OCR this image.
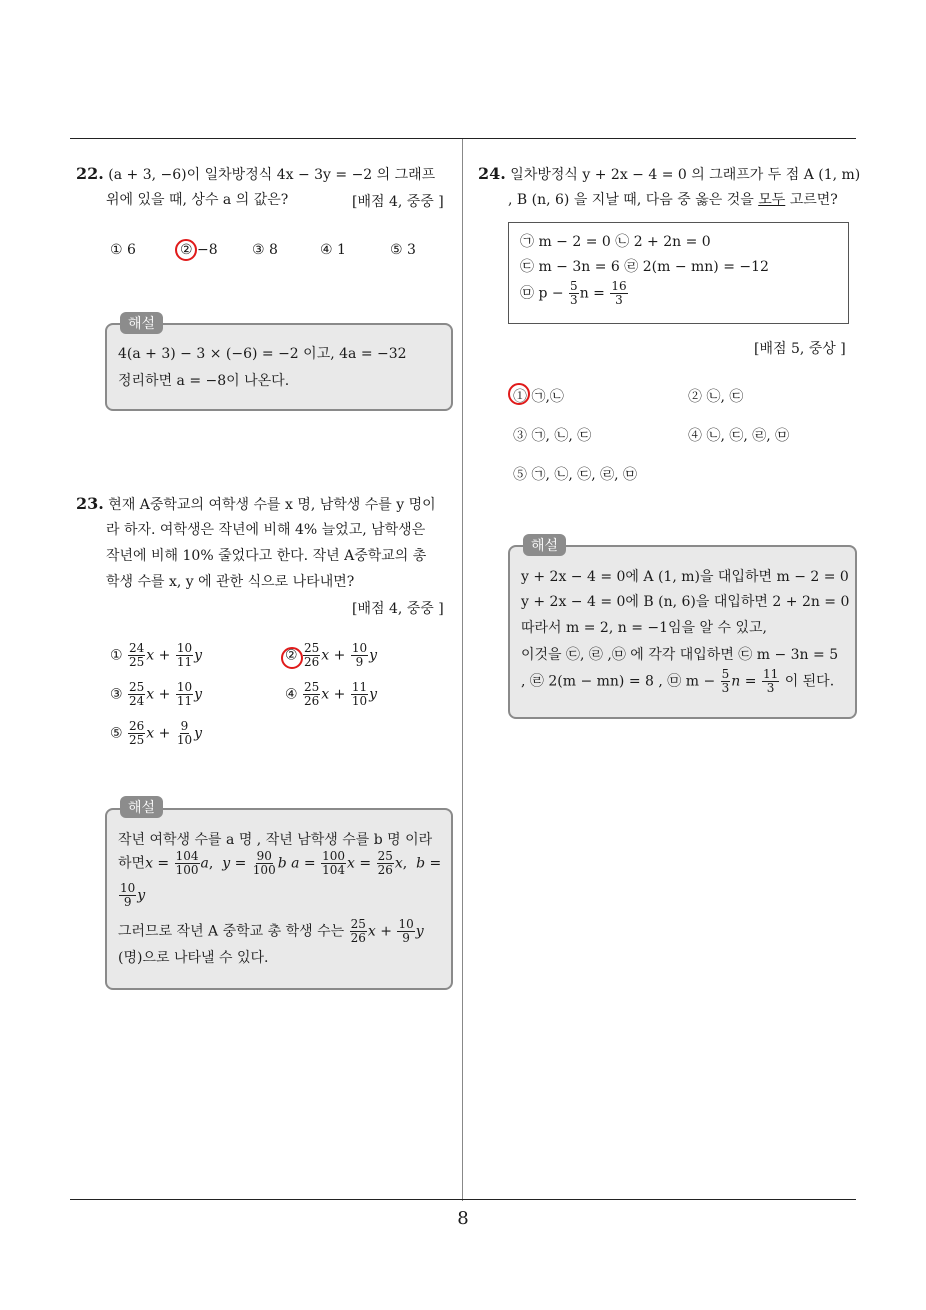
8
22. (a + 3, −6)이 일차방정식 4x − 3y = −2 의 그래프
위에 있을 때, 상수 a 의 값은?	[배점 4, 중중 ]
① 6	② −8 ③ 8	④ 1	⑤ 3
해설
4(a + 3) − 3 × (−6) = −2 이고, 4a = −32
정리하면 a = −8이 나온다.
23. 현재 A중학교의 여학생 수를 x 명, 남학생 수를 y 명이
라 하자. 여학생은 작년에 비해 4% 늘었고, 남학생은
작년에 비해 10% 줄었다고 한다. 작년 A중학교의 총
학생 수를 x, y 에 관한 식으로 나타내면?
[배점 4, 중중 ]
① $\frac{24}{25}$ $x + \frac{10}{11}$ y	② $\frac{25}{26}$ $x + \frac{10}{9}$ y
③ $\frac{25}{24}$ $x + \frac{10}{11}$ y	④ $\frac{25}{26}$ $x + \frac{11}{10}$ y
⑤ $\frac{26}{25}$ $x + \frac{9}{10}$ y
해설
작년 여학생 수를 a 명 , 작년 남학생 수를 b 명 이라
하면$x = \frac{104}{100} a$,  $y = \frac{90}{100}$ b $a = \frac{100}{104}$ $x = \frac{25}{26} x$,  b =
$\frac{10}{9}$ y
그러므로 작년 A 중학교 총 학생 수는 $\frac{25}{26}$ $x + \frac{10}{9}$ y
(명)으로 나타낼 수 있다.
24. 일차방정식 y + 2x − 4 = 0 의 그래프가 두 점 A (1, m)
, B (n, 6) 을 지날 때, 다음 중 옳은 것을 모두 고르면?
㉠ m − 2 = 0 ㉡ 2 + 2n = 0
㉢ m − 3n = 6 ㉣ 2(m − mn) = −12
㉤ $p - \frac{5}{3}$ $n = \frac{16}{3}$
[배점 5, 중상 ]
① ㉠,㉡	② ㉡, ㉢
③ ㉠, ㉡, ㉢	④ ㉡, ㉢, ㉣, ㉤
⑤ ㉠, ㉡, ㉢, ㉣, ㉤
해설
y + 2x − 4 = 0에 A (1, m)을 대입하면 m − 2 = 0
y + 2x − 4 = 0에 B (n, 6)을 대입하면 2 + 2n = 0
따라서 m = 2, n = −1임을 알 수 있고,
이것을 ㉢, ㉣ ,㉤ 에 각각 대입하면 ㉢ m − 3n = 5
, ㉣ 2(m − mn) = 8 , ㉤ $m - \frac{5}{3}$ $n = \frac{11}{3}$ 이 된다.
